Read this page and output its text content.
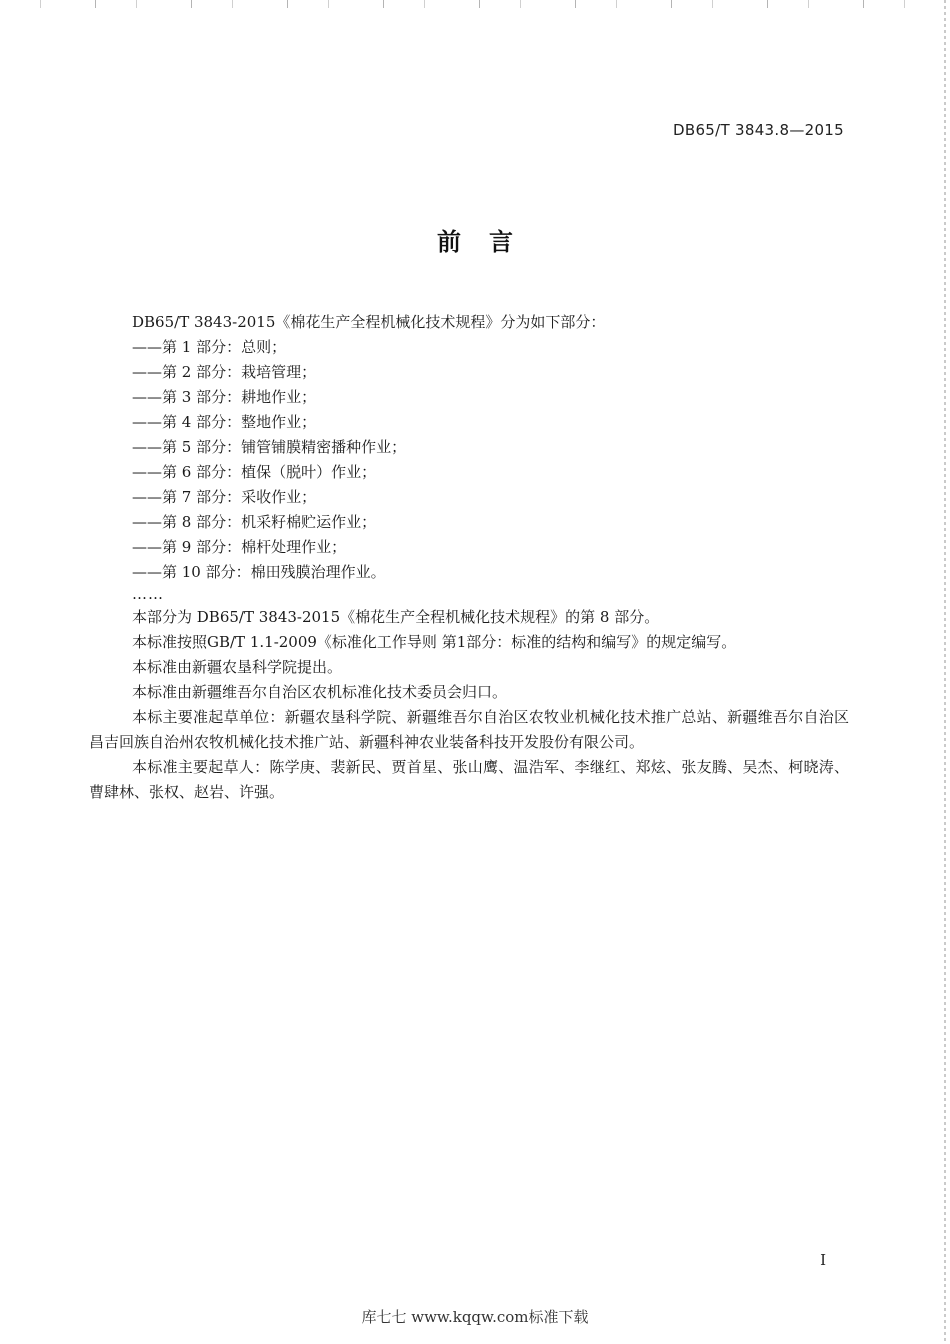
DB65/T 3843.8—2015
前言
DB65/T 3843-2015《棉花生产全程机械化技术规程》分为如下部分：
——第 1 部分：总则；
——第 2 部分：栽培管理；
——第 3 部分：耕地作业；
——第 4 部分：整地作业；
——第 5 部分：铺管铺膜精密播种作业；
——第 6 部分：植保（脱叶）作业；
——第 7 部分：采收作业；
——第 8 部分：机采籽棉贮运作业；
——第 9 部分：棉杆处理作业；
——第 10 部分：棉田残膜治理作业。
……
本部分为 DB65/T 3843-2015《棉花生产全程机械化技术规程》的第 8 部分。
本标准按照GB/T 1.1-2009《标准化工作导则 第1部分：标准的结构和编写》的规定编写。
本标准由新疆农垦科学院提出。
本标准由新疆维吾尔自治区农机标准化技术委员会归口。
本标主要准起草单位：新疆农垦科学院、新疆维吾尔自治区农牧业机械化技术推广总站、新疆维吾尔自治区昌吉回族自治州农牧机械化技术推广站、新疆科神农业装备科技开发股份有限公司。
本标准主要起草人：陈学庚、裴新民、贾首星、张山鹰、温浩军、李继红、郑炫、张友腾、吴杰、柯晓涛、曹肆林、张权、赵岩、许强。
I
库七七 www.kqqw.com标准下载
